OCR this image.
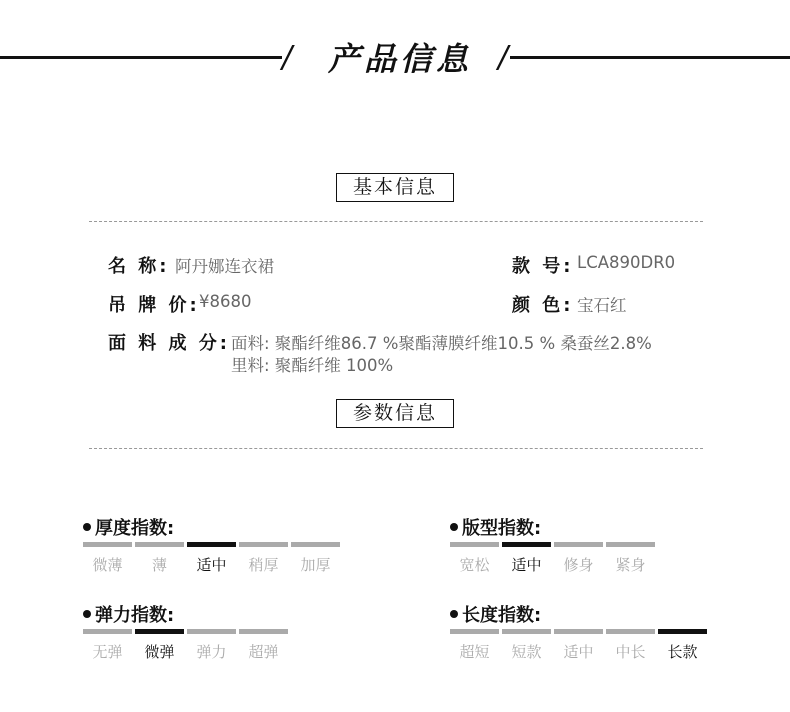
/	产品信息 /
基本信息
名 称: 阿丹娜连衣裙	款 号: LCA890DR0
吊 牌 价: ¥8680	颜 色: 宝石红
面 料 成 分: 面料: 聚酯纤维86.7 %聚酯薄膜纤维10.5 % 桑蚕丝2.8%
里料: 聚酯纤维 100%
参数信息
厚度指数:
微薄	薄	适中	稍厚	加厚
版型指数:
宽松	适中	修身	紧身
弹力指数:
无弹	微弹	弹力	超弹
长度指数:
超短	短款	适中	中长	长款
